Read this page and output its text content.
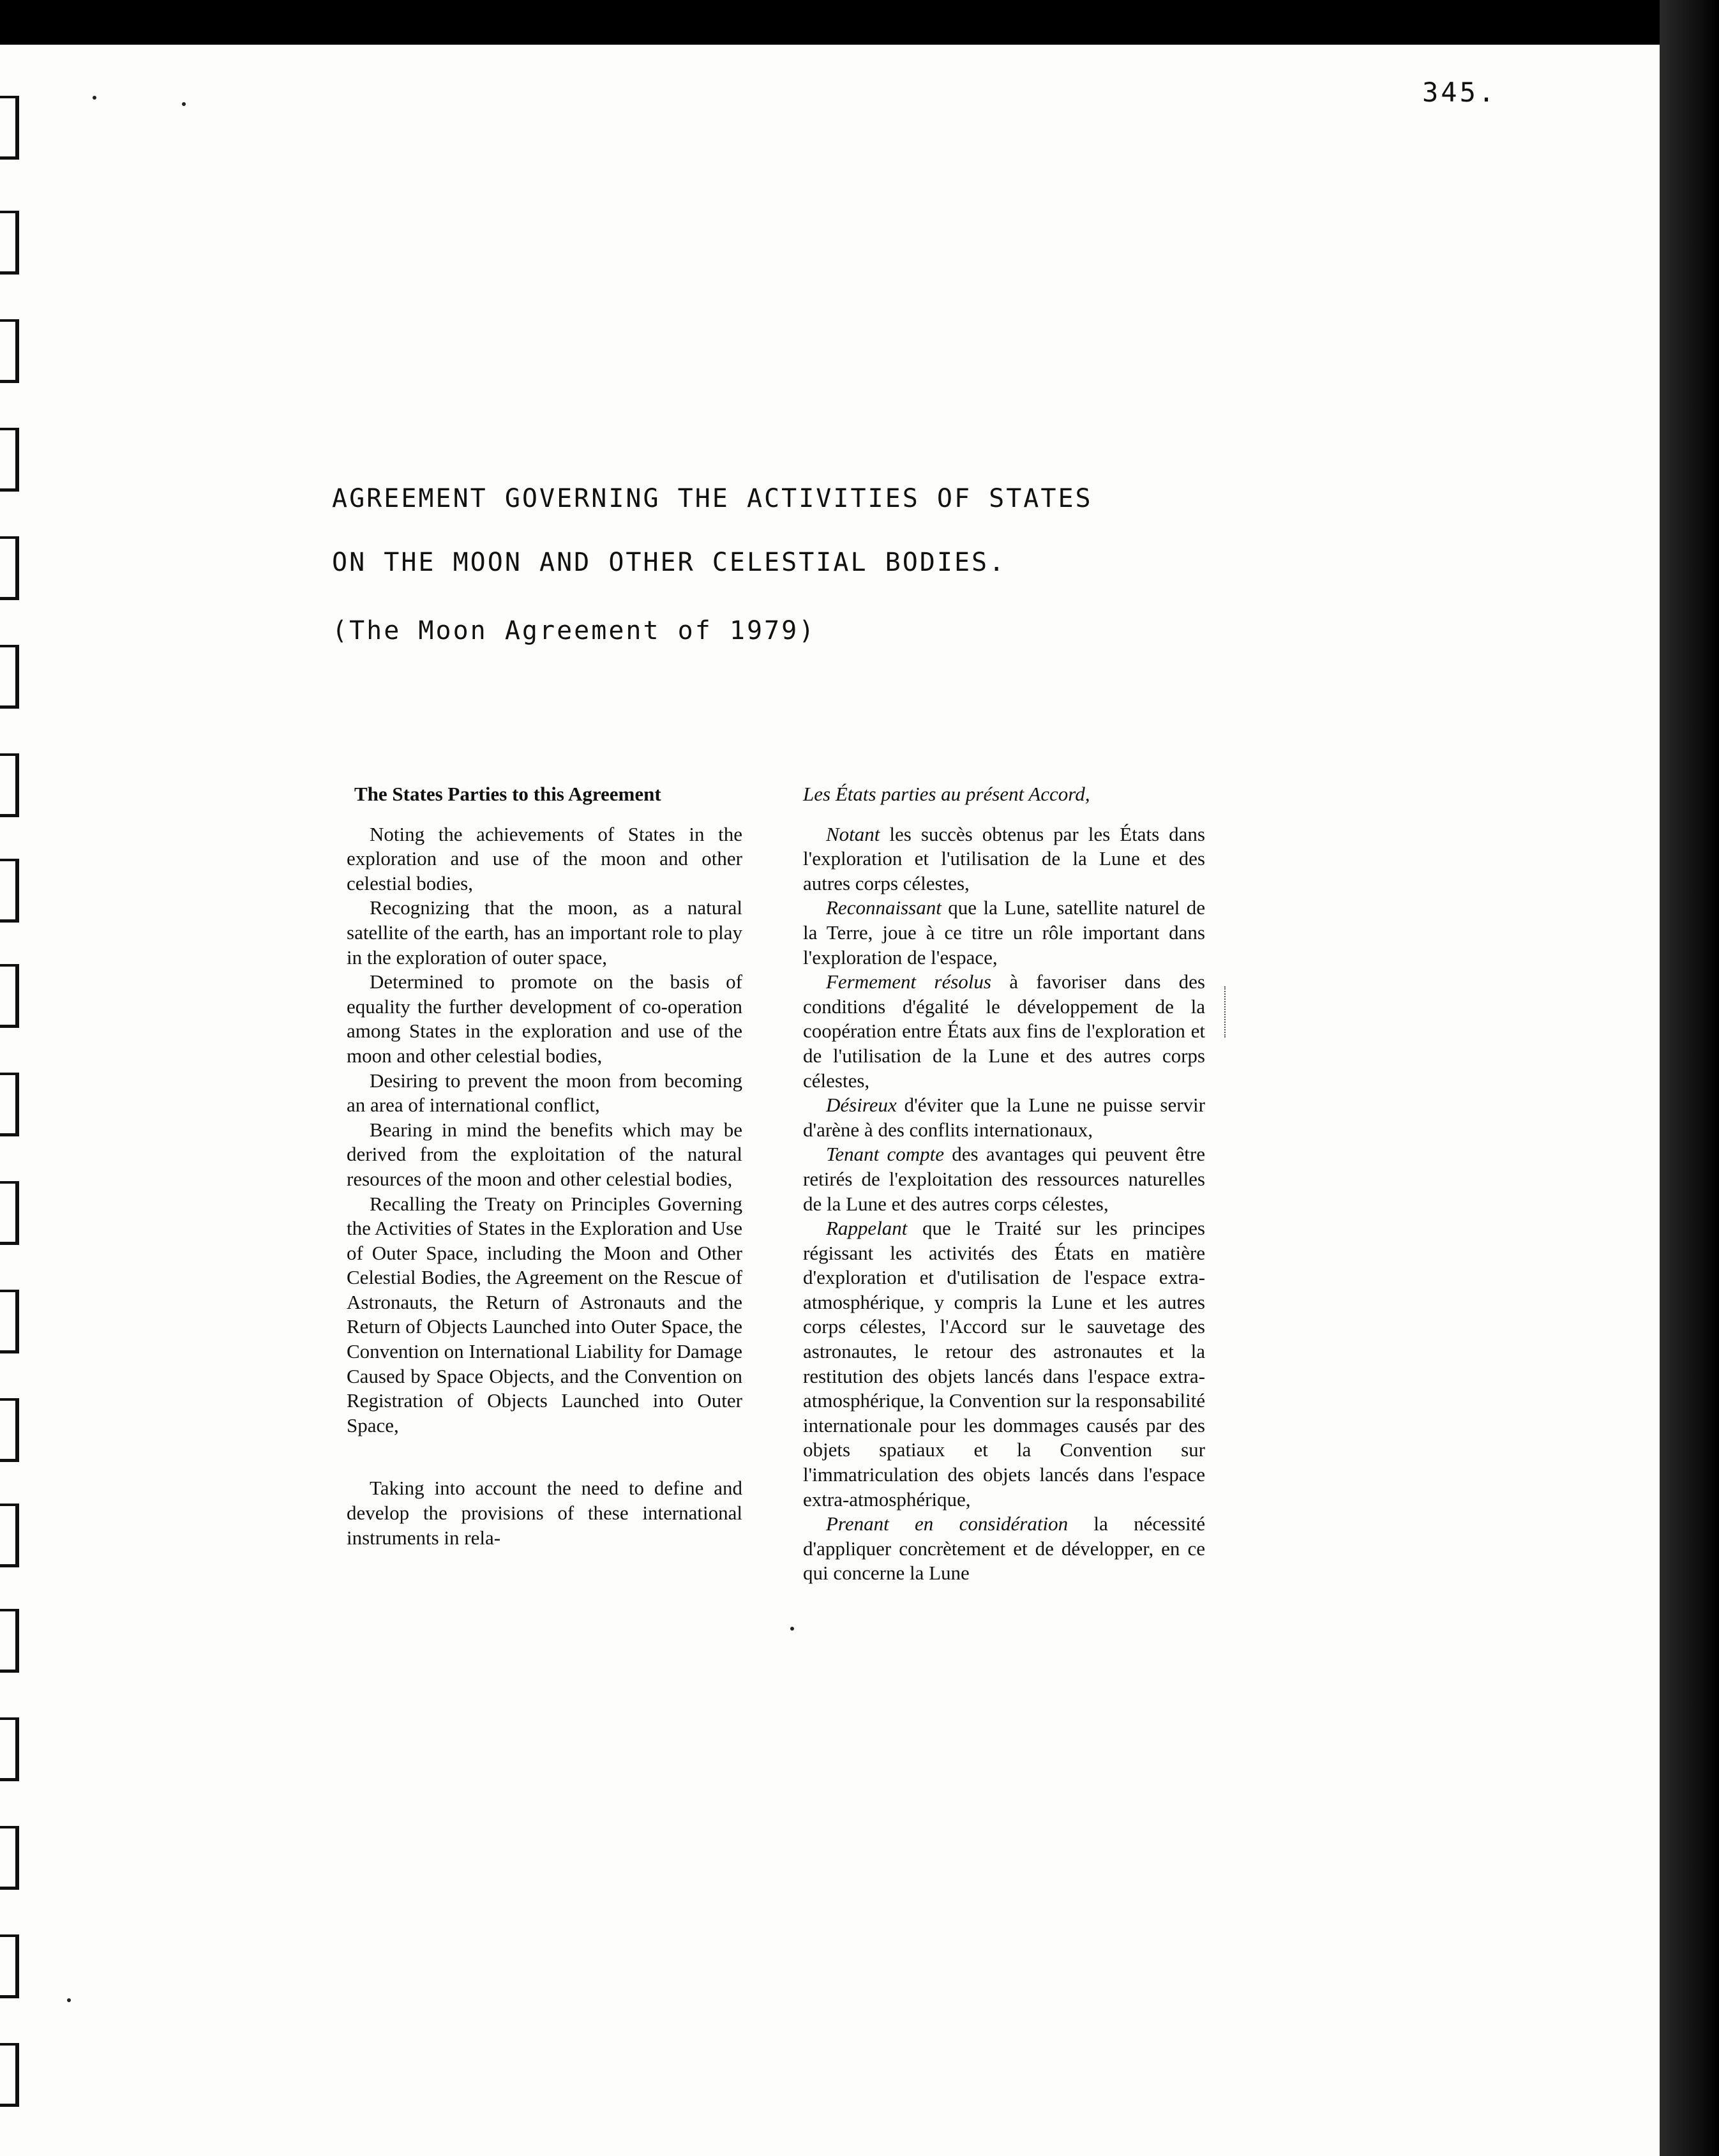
345.
AGREEMENT GOVERNING THE ACTIVITIES OF STATES
ON THE MOON AND OTHER CELESTIAL BODIES.
(The Moon Agreement of 1979)

The States Parties to this Agreement

Noting the achievements of States in the exploration and use of the moon and other celestial bodies,

Recognizing that the moon, as a natural satellite of the earth, has an important role to play in the exploration of outer space,

Determined to promote on the basis of equality the further development of co-operation among States in the exploration and use of the moon and other celestial bodies,

Desiring to prevent the moon from becoming an area of international conflict,

Bearing in mind the benefits which may be derived from the exploitation of the natural resources of the moon and other celestial bodies,

Recalling the Treaty on Principles Governing the Activities of States in the Exploration and Use of Outer Space, including the Moon and Other Celestial Bodies, the Agreement on the Rescue of Astronauts, the Return of Astronauts and the Return of Objects Launched into Outer Space, the Convention on International Liability for Damage Caused by Space Objects, and the Convention on Registration of Objects Launched into Outer Space,

Taking into account the need to define and develop the provisions of these international instruments in rela-

Les États parties au présent Accord,

Notant les succès obtenus par les États dans l'exploration et l'utilisation de la Lune et des autres corps célestes,

Reconnaissant que la Lune, satellite naturel de la Terre, joue à ce titre un rôle important dans l'exploration de l'espace,

Fermement résolus à favoriser dans des conditions d'égalité le développement de la coopération entre États aux fins de l'exploration et de l'utilisation de la Lune et des autres corps célestes,

Désireux d'éviter que la Lune ne puisse servir d'arène à des conflits internationaux,

Tenant compte des avantages qui peuvent être retirés de l'exploitation des ressources naturelles de la Lune et des autres corps célestes,

Rappelant que le Traité sur les principes régissant les activités des États en matière d'exploration et d'utilisation de l'espace extra-atmosphérique, y compris la Lune et les autres corps célestes, l'Accord sur le sauvetage des astronautes, le retour des astronautes et la restitution des objets lancés dans l'espace extra-atmosphérique, la Convention sur la responsabilité internationale pour les dommages causés par des objets spatiaux et la Convention sur l'immatriculation des objets lancés dans l'espace extra-atmosphérique,

Prenant en considération la nécessité d'appliquer concrètement et de développer, en ce qui concerne la Lune
